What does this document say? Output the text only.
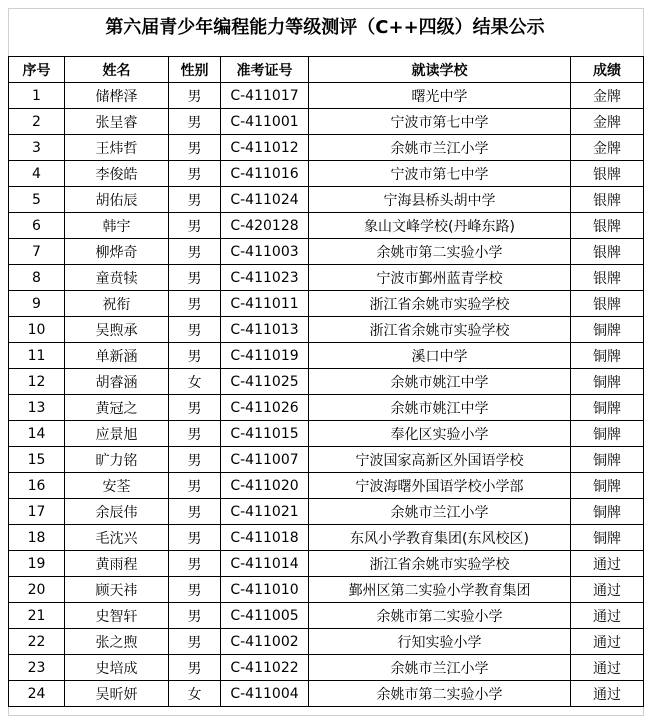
第六届青少年编程能力等级测评（C++四级）结果公示
序号	姓名	性别	准考证号	就读学校	成绩
1	储桦泽	男	C-411017	曙光中学	金牌
2	张呈睿	男	C-411001	宁波市第七中学	金牌
3	王炜哲	男	C-411012	余姚市兰江小学	金牌
4	李俊皓	男	C-411016	宁波市第七中学	银牌
5	胡佑辰	男	C-411024	宁海县桥头胡中学	银牌
6	韩宇	男	C-420128	象山文峰学校(丹峰东路)	银牌
7	柳烨奇	男	C-411003	余姚市第二实验小学	银牌
8	童贲犊	男	C-411023	宁波市鄞州蓝青学校	银牌
9	祝衔	男	C-411011	浙江省余姚市实验学校	银牌
10	吴煦承	男	C-411013	浙江省余姚市实验学校	铜牌
11	单新涵	男	C-411019	溪口中学	铜牌
12	胡睿涵	女	C-411025	余姚市姚江中学	铜牌
13	黄冠之	男	C-411026	余姚市姚江中学	铜牌
14	应景旭	男	C-411015	奉化区实验小学	铜牌
15	旷力铭	男	C-411007	宁波国家高新区外国语学校	铜牌
16	安荃	男	C-411020	宁波海曙外国语学校小学部	铜牌
17	余辰伟	男	C-411021	余姚市兰江小学	铜牌
18	毛沈兴	男	C-411018	东风小学教育集团(东风校区)	铜牌
19	黄雨程	男	C-411014	浙江省余姚市实验学校	通过
20	顾天祎	男	C-411010	鄞州区第二实验小学教育集团	通过
21	史智轩	男	C-411005	余姚市第二实验小学	通过
22	张之煦	男	C-411002	行知实验小学	通过
23	史培成	男	C-411022	余姚市兰江小学	通过
24	吴昕妍	女	C-411004	余姚市第二实验小学	通过
